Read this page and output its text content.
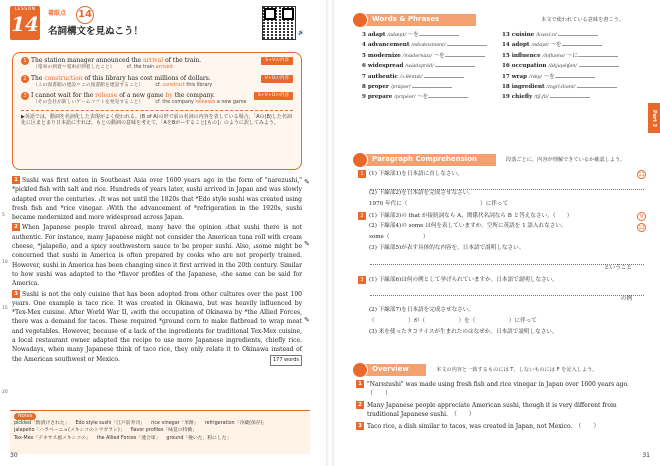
LESSON
14 着眼点 14
名詞構文を見ぬこう！	🔊
1 The station manager announced the arrival of the train.	S+Vの内容
（電車の到着＝電車が到着したこと）	cf. the train arrived
2 The construction of this library has cost millions of dollars.	V+Oの内容
（この図書館の建設＝この図書館を建設すること）	cf. construct this library
3 I cannot wait for the release of a new game by the company.	S+V+Oの内容
（その会社が新しいゲームソフトを発売すること）	cf. the company releases a new game
▶英語では，動詞を名詞化した表現がよく使われる。(B of A)の形で前の名詞の内容を表している場合，「Aの(B)した名詞化に区まとまり日本語にすれば，もとの動詞の意味を考えて，「AをBがーすること[もの]」のように訳してみよう。
5
10
15
20

1 Sushi was first eaten in Southeast Asia over 1600 years ago in the form of "narezushi," *pickled fish with salt and rice. Hundreds of years later, sushi arrived in Japan and was slowly adapted over the centuries. ₁It was not until the 1820s that *Edo style sushi was created using fresh fish and *rice vinegar. ₂With the advancement of *refrigeration in the 1920s, sushi became modernized and more widespread across Japan.

2 When Japanese people travel abroad, many have the opinion ₃that sushi there is not authentic. For instance, many Japanese might not consider the American tuna roll with cream cheese, *jalapeño, and a spicy southwestern sauce to be proper sushi. Also, ₄some might be concerned that sushi in America is often prepared by cooks who are not properly trained. However, sushi in America has been changing since it first arrived in the 20th century. Similar to how sushi was adapted to the *flavor profiles of the Japanese, ₅the same can be said for America.

3 Sushi is not the only cuisine that has been adopted from other cultures over the past 100 years. One example is taco rice. It was created in Okinawa, but was heavily influenced by *Tex-Mex cuisine. After World War II, ₆with the occupation of Okinawa by *the Allied Forces, there was a demand for tacos. These required *ground corn to make flatbread to wrap meat and vegetables. However, because of a lack of the ingredients for traditional Tex-Mex cuisine, a local restaurant owner adapted the recipe to use more Japanese ingredients, chiefly rice. Nowadays, when many Japanese think of taco rice, they only relate it to Okinawa instead of the American southwest or Mexico.	177 words

✎
✎
✎
Notes
pickled「酢漬けされた」 Edo style sushi「江戸前寿司」 rice vinegar「米酢」 refrigeration「冷蔵(保存)」
jalapeño「ハラペーニョ(メキシコのトウガラシ)」 flavor profiles「味覚の特徴」
Tex-Mex「テキサス風メキシコの」 the Allied Forces「連合軍」 ground「挽いた，粉にした」
30
Words & Phrases	本文で使われている意味を書こう。
3 adapt /adæpt/ 〜を
4 advancement /ədvǽnsmənt/
5 modernize /mɑ́dərnàɪz/ 〜を
6 widespread /wàɪdspréd/
7 authentic /ɔːθéntɪk/
8 proper /prɑ́pər/
9 prepare /prɪpéər/ 〜を
13 cuisine /kwɪzíːn/
14 adopt /ədɑ́pt/ 〜を
15 influence /ínfluəns/ 〜に
16 occupation /ɑ̀kjupéɪʃən/
17 wrap /rǽp/ 〜を
18 ingredient /ɪngríːdiənt/
19 chiefly /tʃíːfli/
Paragraph Comprehension	段落ごとに，内容が理解できているか確認しよう。
1 (1) 下線部1)を日本語に直しなさい。	11
(2) 下線部2)を日本語を完成させなさい。
1970 年代に（　　　　　　　　　　　　　）に伴って
2 (1) 下線部3)の that が接続詞なら A，関係代名詞なら B と答えなさい。（　　）	9
(2) 下線部4)の some は何を表していますか。空所に英語を 1 語入れなさい。	12
some（　　　　　　）
(3) 下線部5)が表す具体的な内容を，日本語で説明しなさい。
ということ
3 (1) 下線部6)は何の例として挙げられていますか。日本語で説明しなさい。
の例
(2) 下線部7)を日本語を完成させなさい。
（　　　　　　）が（　　　　　　）を（　　　　　　）に伴って
(3) 米を使ったタコライスが生まれたのはなぜか。日本語で説明しなさい。
Overview	本文の内容と一致するものには T，しないものには F を記入しよう。
1 "Narezushi" was made using fresh fish and rice vinegar in Japan over 1600 years ago.　（　　）
2 Many Japanese people appreciate American sushi, though it is very different from traditional Japanese sushi.　（　　）
3 Taco rice, a dish similar to tacos, was created in Japan, not Mexico.　（　　）
Part 3
31
